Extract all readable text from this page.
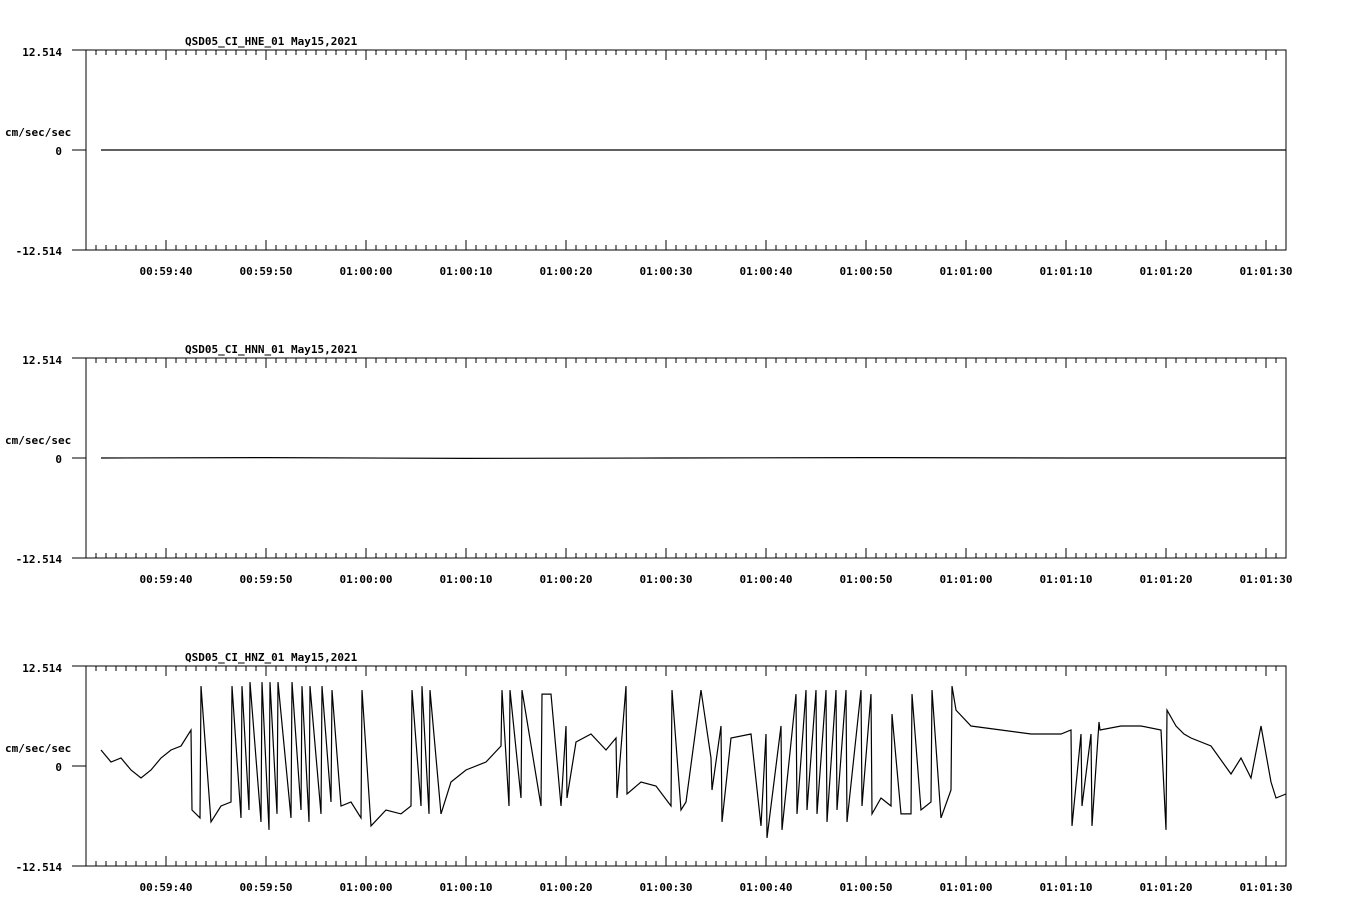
QSD05_CI_HNE_01 May15,2021
cm/sec/sec
12.514
0
-12.514
00:59:40	00:59:50	01:00:00	01:00:10	01:00:20	01:00:30	01:00:40	01:00:50	01:01:00	01:01:10	01:01:20	01:01:30
QSD05_CI_HNN_01 May15,2021
cm/sec/sec
12.514
0
-12.514
00:59:40	00:59:50	01:00:00	01:00:10	01:00:20	01:00:30	01:00:40	01:00:50	01:01:00	01:01:10	01:01:20	01:01:30
QSD05_CI_HNZ_01 May15,2021
cm/sec/sec
12.514
0
-12.514
00:59:40	00:59:50	01:00:00	01:00:10	01:00:20	01:00:30	01:00:40	01:00:50	01:01:00	01:01:10	01:01:20	01:01:30
